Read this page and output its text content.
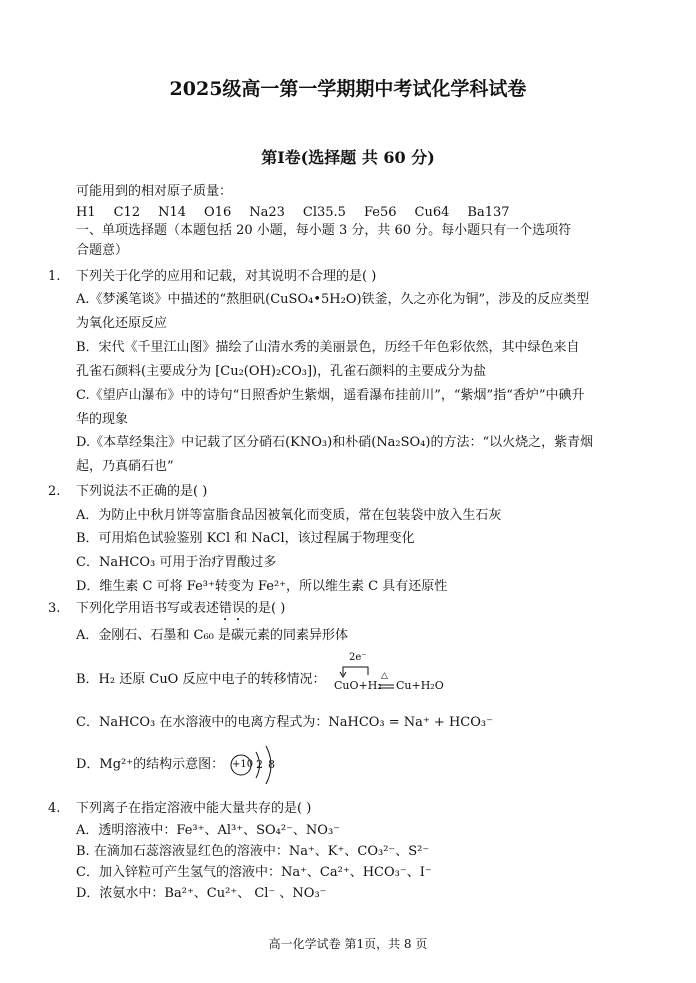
2025级高一第一学期期中考试化学科试卷
第Ⅰ卷(选择题 共 60 分)
可能用到的相对原子质量：
H1 C12 N14 O16 Na23 Cl35.5 Fe56 Cu64 Ba137
一、单项选择题（本题包括 20 小题，每小题 3 分，共 60 分。每小题只有一个选项符
合题意）
1. 下列关于化学的应用和记载，对其说明不合理的是( )
A.《梦溪笔谈》中描述的“熬胆矾(CuSO₄•5H₂O)铁釜，久之亦化为铜”，涉及的反应类型
为氧化还原反应
B．宋代《千里江山图》描绘了山清水秀的美丽景色，历经千年色彩依然，其中绿色来自
孔雀石颜料(主要成分为 [Cu₂(OH)₂CO₃])，孔雀石颜料的主要成分为盐
C.《望庐山瀑布》中的诗句“日照香炉生紫烟，遥看瀑布挂前川”，“紫烟”指“香炉”中碘升
华的现象
D.《本草经集注》中记载了区分硝石(KNO₃)和朴硝(Na₂SO₄)的方法：“以火烧之，紫青烟
起，乃真硝石也”
2. 下列说法不正确的是( )
A．为防止中秋月饼等富脂食品因被氧化而变质，常在包装袋中放入生石灰
B．可用焰色试验鉴别 KCl 和 NaCl，该过程属于物理变化
C．NaHCO₃ 可用于治疗胃酸过多
D．维生素 C 可将 Fe³⁺转变为 Fe²⁺，所以维生素 C 具有还原性
3. 下列化学用语书写或表述错误的是( )
A．金刚石、石墨和 C₆₀ 是碳元素的同素异形体
B．H₂ 还原 CuO 反应中电子的转移情况：
2e⁻
△
CuO+H₂ Cu+H₂O
C．NaHCO₃ 在水溶液中的电离方程式为：NaHCO₃ = Na⁺ + HCO₃⁻
D．Mg²⁺的结构示意图： +10 2 8
4. 下列离子在指定溶液中能大量共存的是( )
A．透明溶液中：Fe³⁺、Al³⁺、SO₄²⁻、NO₃⁻
B. 在滴加石蕊溶液显红色的溶液中：Na⁺、K⁺、CO₃²⁻、S²⁻
C．加入锌粒可产生氢气的溶液中：Na⁺、Ca²⁺、HCO₃⁻、I⁻
D．浓氨水中：Ba²⁺、Cu²⁺、 Cl⁻ 、NO₃⁻
高一化学试卷 第1页，共 8 页
